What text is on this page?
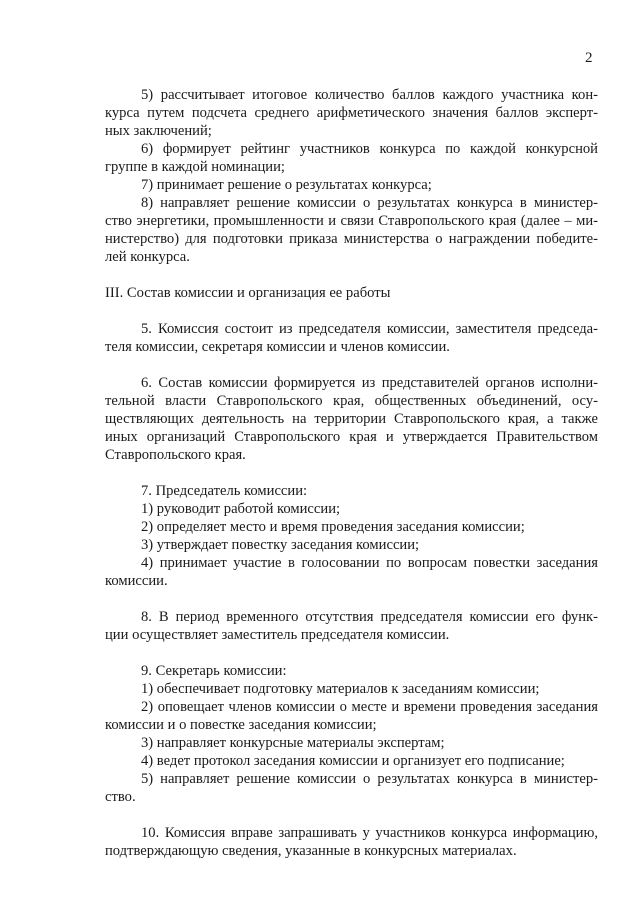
2
5) рассчитывает итоговое количество баллов каждого участника кон-
курса путем подсчета среднего арифметического значения баллов эксперт-
ных заключений;
6) формирует рейтинг участников конкурса по каждой конкурсной
группе в каждой номинации;
7) принимает решение о результатах конкурса;
8) направляет решение комиссии о результатах конкурса в министер-
ство энергетики, промышленности и связи Ставропольского края (далее – ми-
нистерство) для подготовки приказа министерства о награждении победите-
лей конкурса.

III. Состав комиссии и организация ее работы

5. Комиссия состоит из председателя комиссии, заместителя председа-
теля комиссии, секретаря комиссии и членов комиссии.
6. Состав комиссии формируется из представителей органов исполни-
тельной власти Ставропольского края, общественных объединений, осу-
ществляющих деятельность на территории Ставропольского края, а также
иных организаций Ставропольского края и утверждается Правительством
Ставропольского края.
7. Председатель комиссии:
1) руководит работой комиссии;
2) определяет место и время проведения заседания комиссии;
3) утверждает повестку заседания комиссии;
4) принимает участие в голосовании по вопросам повестки заседания
комиссии.
8. В период временного отсутствия председателя комиссии его функ-
ции осуществляет заместитель председателя комиссии.
9. Секретарь комиссии:
1) обеспечивает подготовку материалов к заседаниям комиссии;
2) оповещает членов комиссии о месте и времени проведения заседания
комиссии и о повестке заседания комиссии;
3) направляет конкурсные материалы экспертам;
4) ведет протокол заседания комиссии и организует его подписание;
5) направляет решение комиссии о результатах конкурса в министер-
ство.
10. Комиссия вправе запрашивать у участников конкурса информацию,
подтверждающую сведения, указанные в конкурсных материалах.
